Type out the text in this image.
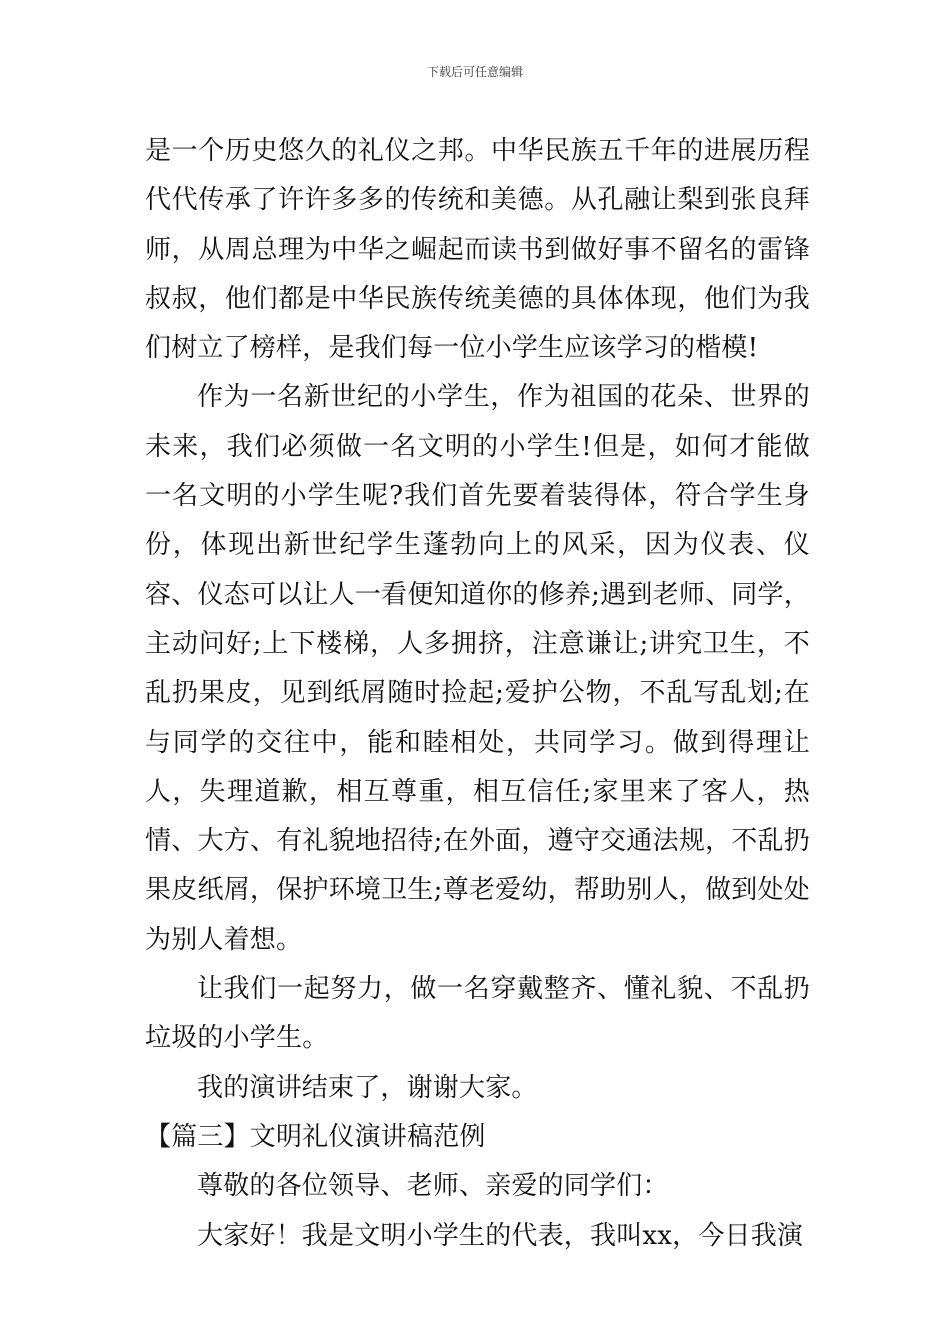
下载后可任意编辑

是一个历史悠久的礼仪之邦。中华民族五千年的进展历程代代传承了许许多多的传统和美德。从孔融让梨到张良拜师，从周总理为中华之崛起而读书到做好事不留名的雷锋叔叔，他们都是中华民族传统美德的具体体现，他们为我们树立了榜样，是我们每一位小学生应该学习的楷模!

作为一名新世纪的小学生，作为祖国的花朵、世界的未来，我们必须做一名文明的小学生!但是，如何才能做一名文明的小学生呢?我们首先要着装得体，符合学生身份，体现出新世纪学生蓬勃向上的风采，因为仪表、仪容、仪态可以让人一看便知道你的修养;遇到老师、同学，主动问好;上下楼梯，人多拥挤，注意谦让;讲究卫生，不乱扔果皮，见到纸屑随时捡起;爱护公物，不乱写乱划;在与同学的交往中，能和睦相处，共同学习。做到得理让人，失理道歉，相互尊重，相互信任;家里来了客人，热情、大方、有礼貌地招待;在外面，遵守交通法规，不乱扔果皮纸屑，保护环境卫生;尊老爱幼，帮助别人，做到处处为别人着想。

让我们一起努力，做一名穿戴整齐、懂礼貌、不乱扔垃圾的小学生。

我的演讲结束了，谢谢大家。

【篇三】文明礼仪演讲稿范例

尊敬的各位领导、老师、亲爱的同学们：

大家好！我是文明小学生的代表，我叫xx，今日我演
